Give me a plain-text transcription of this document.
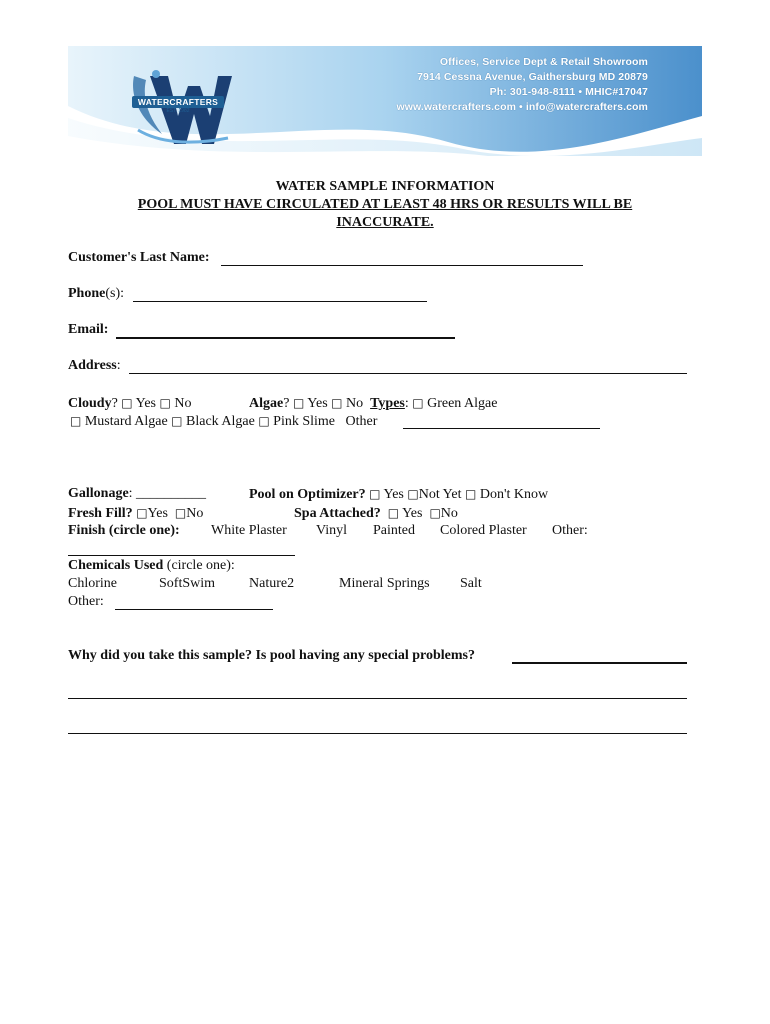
WATERCRAFTERS
EST. 1982
Offices, Service Dept & Retail Showroom
7914 Cessna Avenue, Gaithersburg MD 20879
Ph: 301-948-8111 • MHIC#17047
www.watercrafters.com • info@watercrafters.com
WATER SAMPLE INFORMATION
POOL MUST HAVE CIRCULATED AT LEAST 48 HRS OR RESULTS WILL BE
INACCURATE.
Customer's Last Name:
Phone(s):
Email:
Address:
Cloudy? □ Yes □ No	Algae? □ Yes □ No Types: □ Green Algae
□ Mustard Algae □ Black Algae □ Pink Slime Other
Gallonage: __________	Pool on Optimizer? □ Yes □Not Yet □ Don't Know
Fresh Fill? □Yes □No	Spa Attached? □ Yes □No
Finish (circle one): White Plaster Vinyl Painted Colored Plaster Other:
Chemicals Used (circle one):
Chlorine	SoftSwim Nature2	Mineral Springs Salt
Other:
Why did you take this sample? Is pool having any special problems?
